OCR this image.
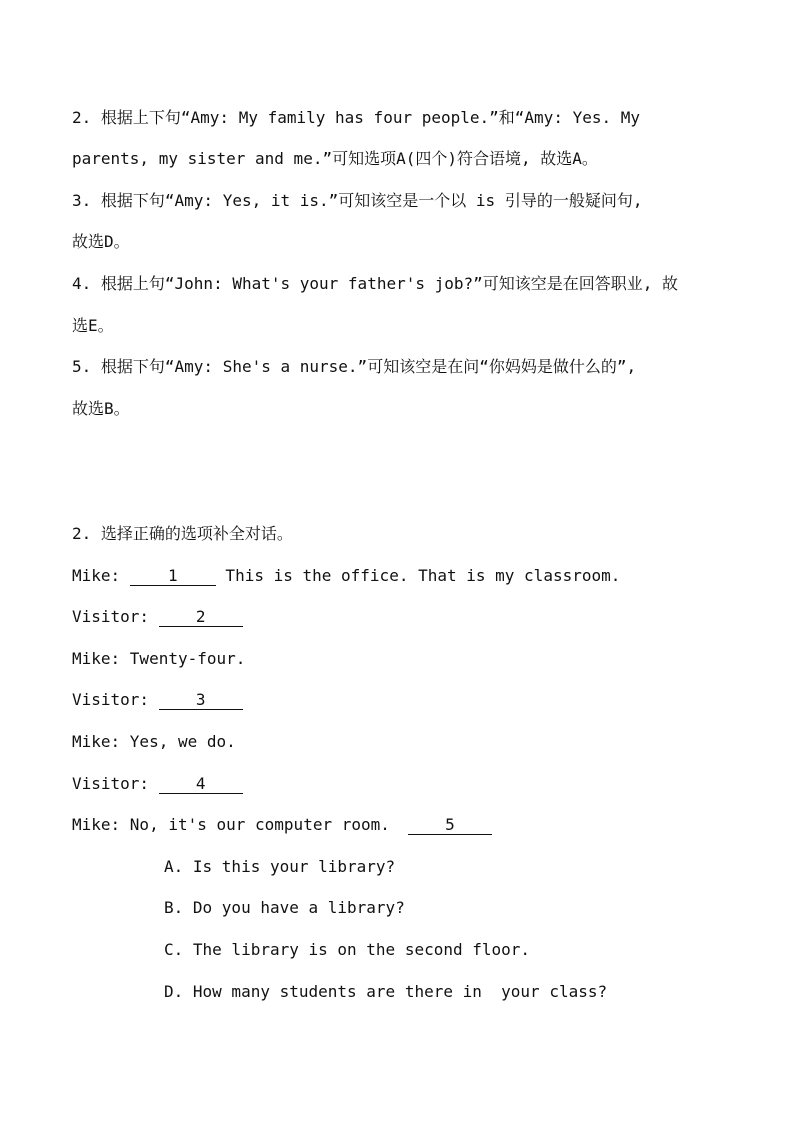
2. 根据上下句“Amy: My family has four people.”和“Amy: Yes. My
parents, my sister and me.”可知选项A(四个)符合语境, 故选A。
3. 根据下句“Amy: Yes, it is.”可知该空是一个以 is 引导的一般疑问句,
故选D。
4. 根据上句“John: What's your father's job?”可知该空是在回答职业, 故
选E。
5. 根据下句“Amy: She's a nurse.”可知该空是在问“你妈妈是做什么的”,
故选B。
2. 选择正确的选项补全对话。
Mike: 1 This is the office. That is my classroom.
Visitor: 2
Mike: Twenty-four.
Visitor: 3
Mike: Yes, we do.
Visitor: 4
Mike: No, it's our computer room.	5
A. Is this your library?
B. Do you have a library?
C. The library is on the second floor.
D. How many students are there in  your class?
